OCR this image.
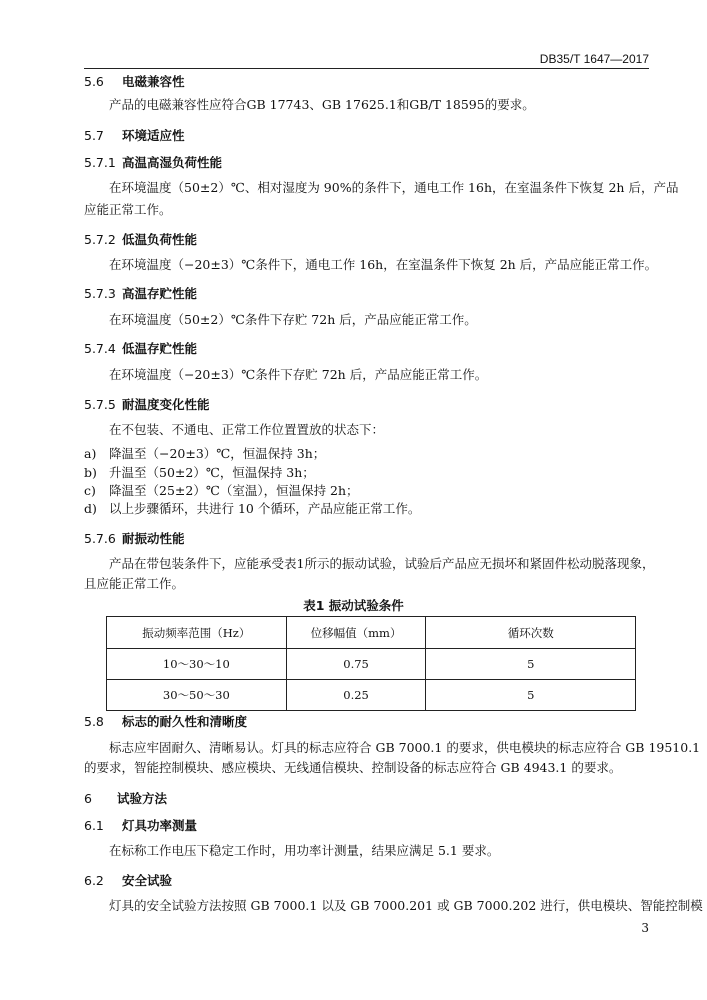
DB35/T 1647—2017
5.6 电磁兼容性
产品的电磁兼容性应符合GB 17743、GB 17625.1和GB/T 18595的要求。
5.7 环境适应性
5.7.1 高温高湿负荷性能
在环境温度（50±2）℃、相对湿度为 90%的条件下，通电工作 16h，在室温条件下恢复 2h 后，产品
应能正常工作。
5.7.2 低温负荷性能
在环境温度（−20±3）℃条件下，通电工作 16h，在室温条件下恢复 2h 后，产品应能正常工作。
5.7.3 高温存贮性能
在环境温度（50±2）℃条件下存贮 72h 后，产品应能正常工作。
5.7.4 低温存贮性能
在环境温度（−20±3）℃条件下存贮 72h 后，产品应能正常工作。
5.7.5 耐温度变化性能
在不包装、不通电、正常工作位置置放的状态下：
a) 降温至（−20±3）℃，恒温保持 3h；
b) 升温至（50±2）℃，恒温保持 3h；
c) 降温至（25±2）℃（室温），恒温保持 2h；
d) 以上步骤循环，共进行 10 个循环，产品应能正常工作。
5.7.6 耐振动性能
产品在带包装条件下，应能承受表1所示的振动试验，试验后产品应无损坏和紧固件松动脱落现象，
且应能正常工作。
表1 振动试验条件
振动频率范围（Hz）	位移幅值（mm）	循环次数
10～30～10	0.75	5
30～50～30	0.25	5
5.8 标志的耐久性和清晰度
标志应牢固耐久、清晰易认。灯具的标志应符合 GB 7000.1 的要求，供电模块的标志应符合 GB 19510.1
的要求，智能控制模块、感应模块、无线通信模块、控制设备的标志应符合 GB 4943.1 的要求。
6 试验方法
6.1 灯具功率测量
在标称工作电压下稳定工作时，用功率计测量，结果应满足 5.1 要求。
6.2 安全试验
灯具的安全试验方法按照 GB 7000.1 以及 GB 7000.201 或 GB 7000.202 进行，供电模块、智能控制模
3
